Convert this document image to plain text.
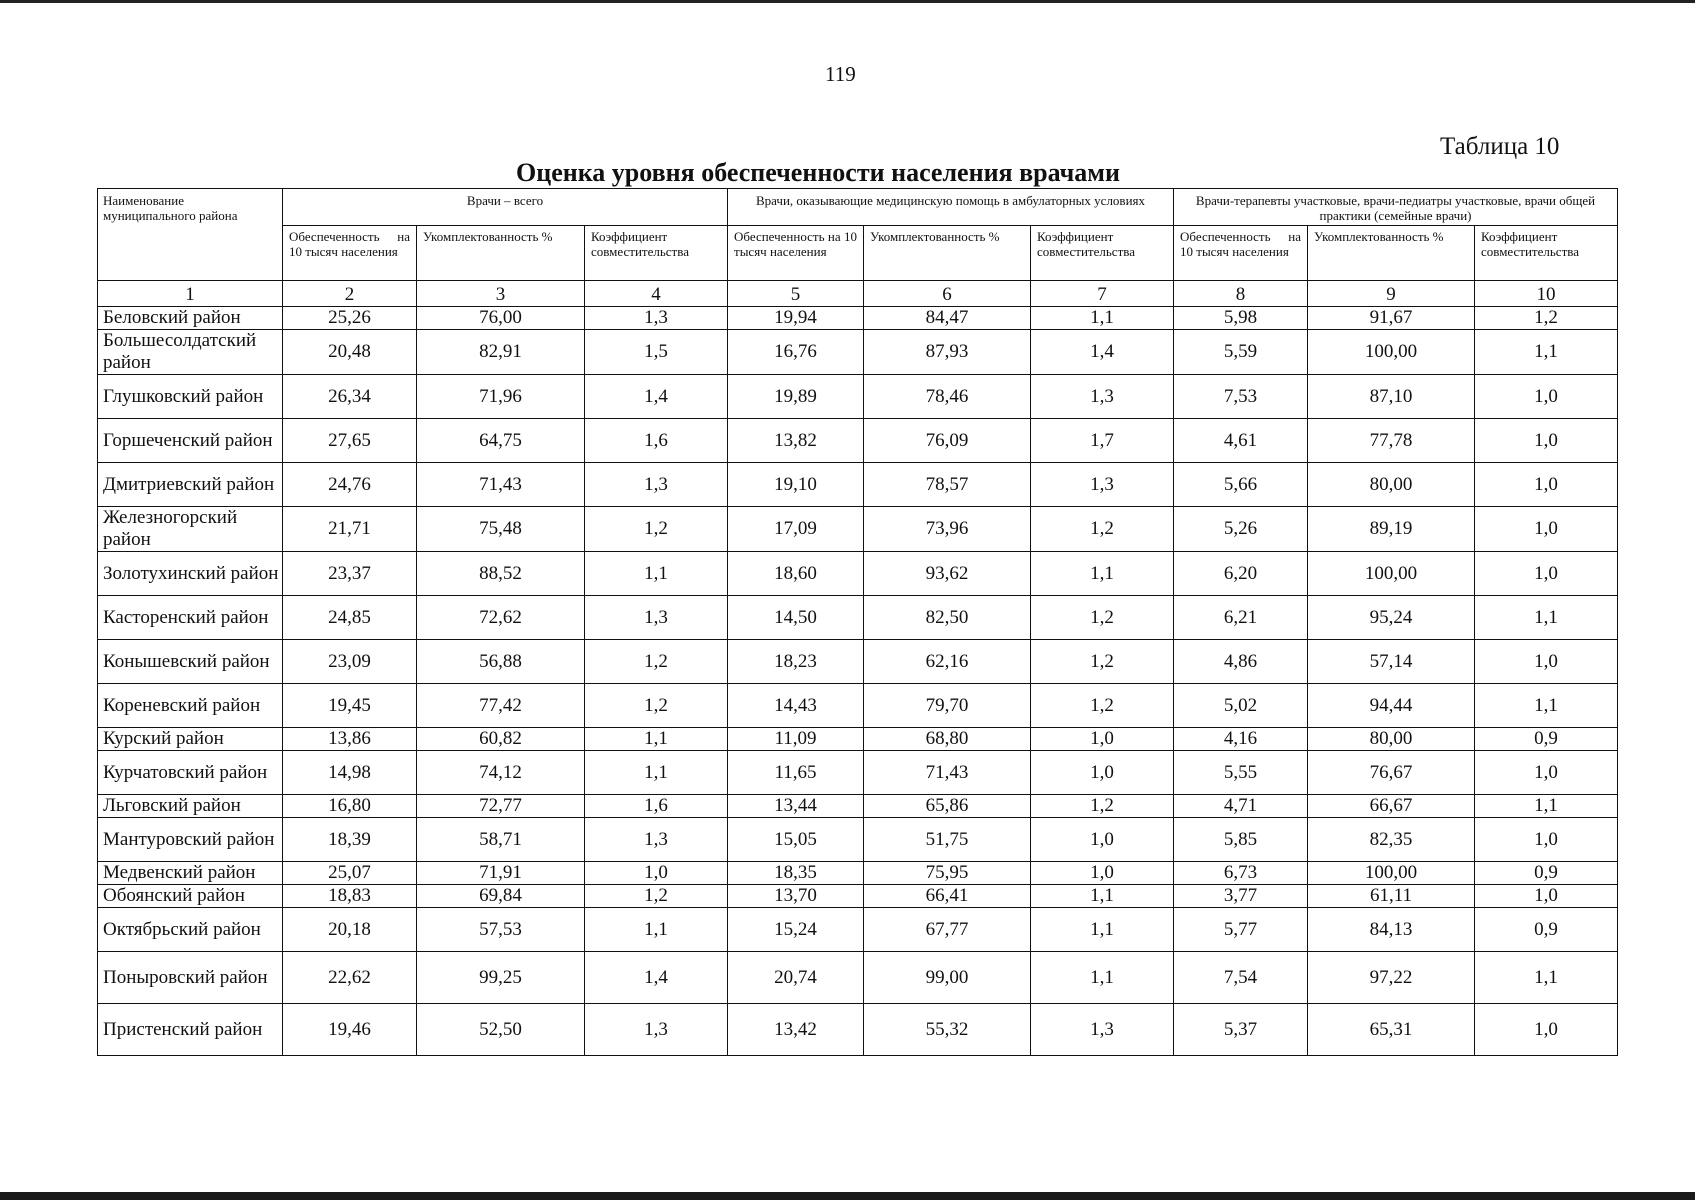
119
Таблица 10
Оценка уровня обеспеченности населения врачами
Наименование муниципального района	Врачи – всего			Врачи, оказывающие медицинскую помощь в амбулаторных условиях			Врачи-терапевты участковые, врачи-педиатры участковые, врачи общей практики (семейные врачи)		
	Обеспеченность на 10 тысяч населения	Укомплектованность %	Коэффициент совместительства	Обеспеченность на 10 тысяч населения	Укомплектованность %	Коэффициент совместительства	Обеспеченность на 10 тысяч населения	Укомплектованность %	Коэффициент совместительства
1	2	3	4	5	6	7	8	9	10
Беловский район	25,26	76,00	1,3	19,94	84,47	1,1	5,98	91,67	1,2
Большесолдатский район	20,48	82,91	1,5	16,76	87,93	1,4	5,59	100,00	1,1
Глушковский район	26,34	71,96	1,4	19,89	78,46	1,3	7,53	87,10	1,0
Горшеченский район	27,65	64,75	1,6	13,82	76,09	1,7	4,61	77,78	1,0
Дмитриевский район	24,76	71,43	1,3	19,10	78,57	1,3	5,66	80,00	1,0
Железногорский район	21,71	75,48	1,2	17,09	73,96	1,2	5,26	89,19	1,0
Золотухинский район	23,37	88,52	1,1	18,60	93,62	1,1	6,20	100,00	1,0
Касторенский район	24,85	72,62	1,3	14,50	82,50	1,2	6,21	95,24	1,1
Конышевский район	23,09	56,88	1,2	18,23	62,16	1,2	4,86	57,14	1,0
Кореневский район	19,45	77,42	1,2	14,43	79,70	1,2	5,02	94,44	1,1
Курский район	13,86	60,82	1,1	11,09	68,80	1,0	4,16	80,00	0,9
Курчатовский район	14,98	74,12	1,1	11,65	71,43	1,0	5,55	76,67	1,0
Льговский район	16,80	72,77	1,6	13,44	65,86	1,2	4,71	66,67	1,1
Мантуровский район	18,39	58,71	1,3	15,05	51,75	1,0	5,85	82,35	1,0
Медвенский район	25,07	71,91	1,0	18,35	75,95	1,0	6,73	100,00	0,9
Обоянский район	18,83	69,84	1,2	13,70	66,41	1,1	3,77	61,11	1,0
Октябрьский район	20,18	57,53	1,1	15,24	67,77	1,1	5,77	84,13	0,9
Поныровский район	22,62	99,25	1,4	20,74	99,00	1,1	7,54	97,22	1,1
Пристенский район	19,46	52,50	1,3	13,42	55,32	1,3	5,37	65,31	1,0
